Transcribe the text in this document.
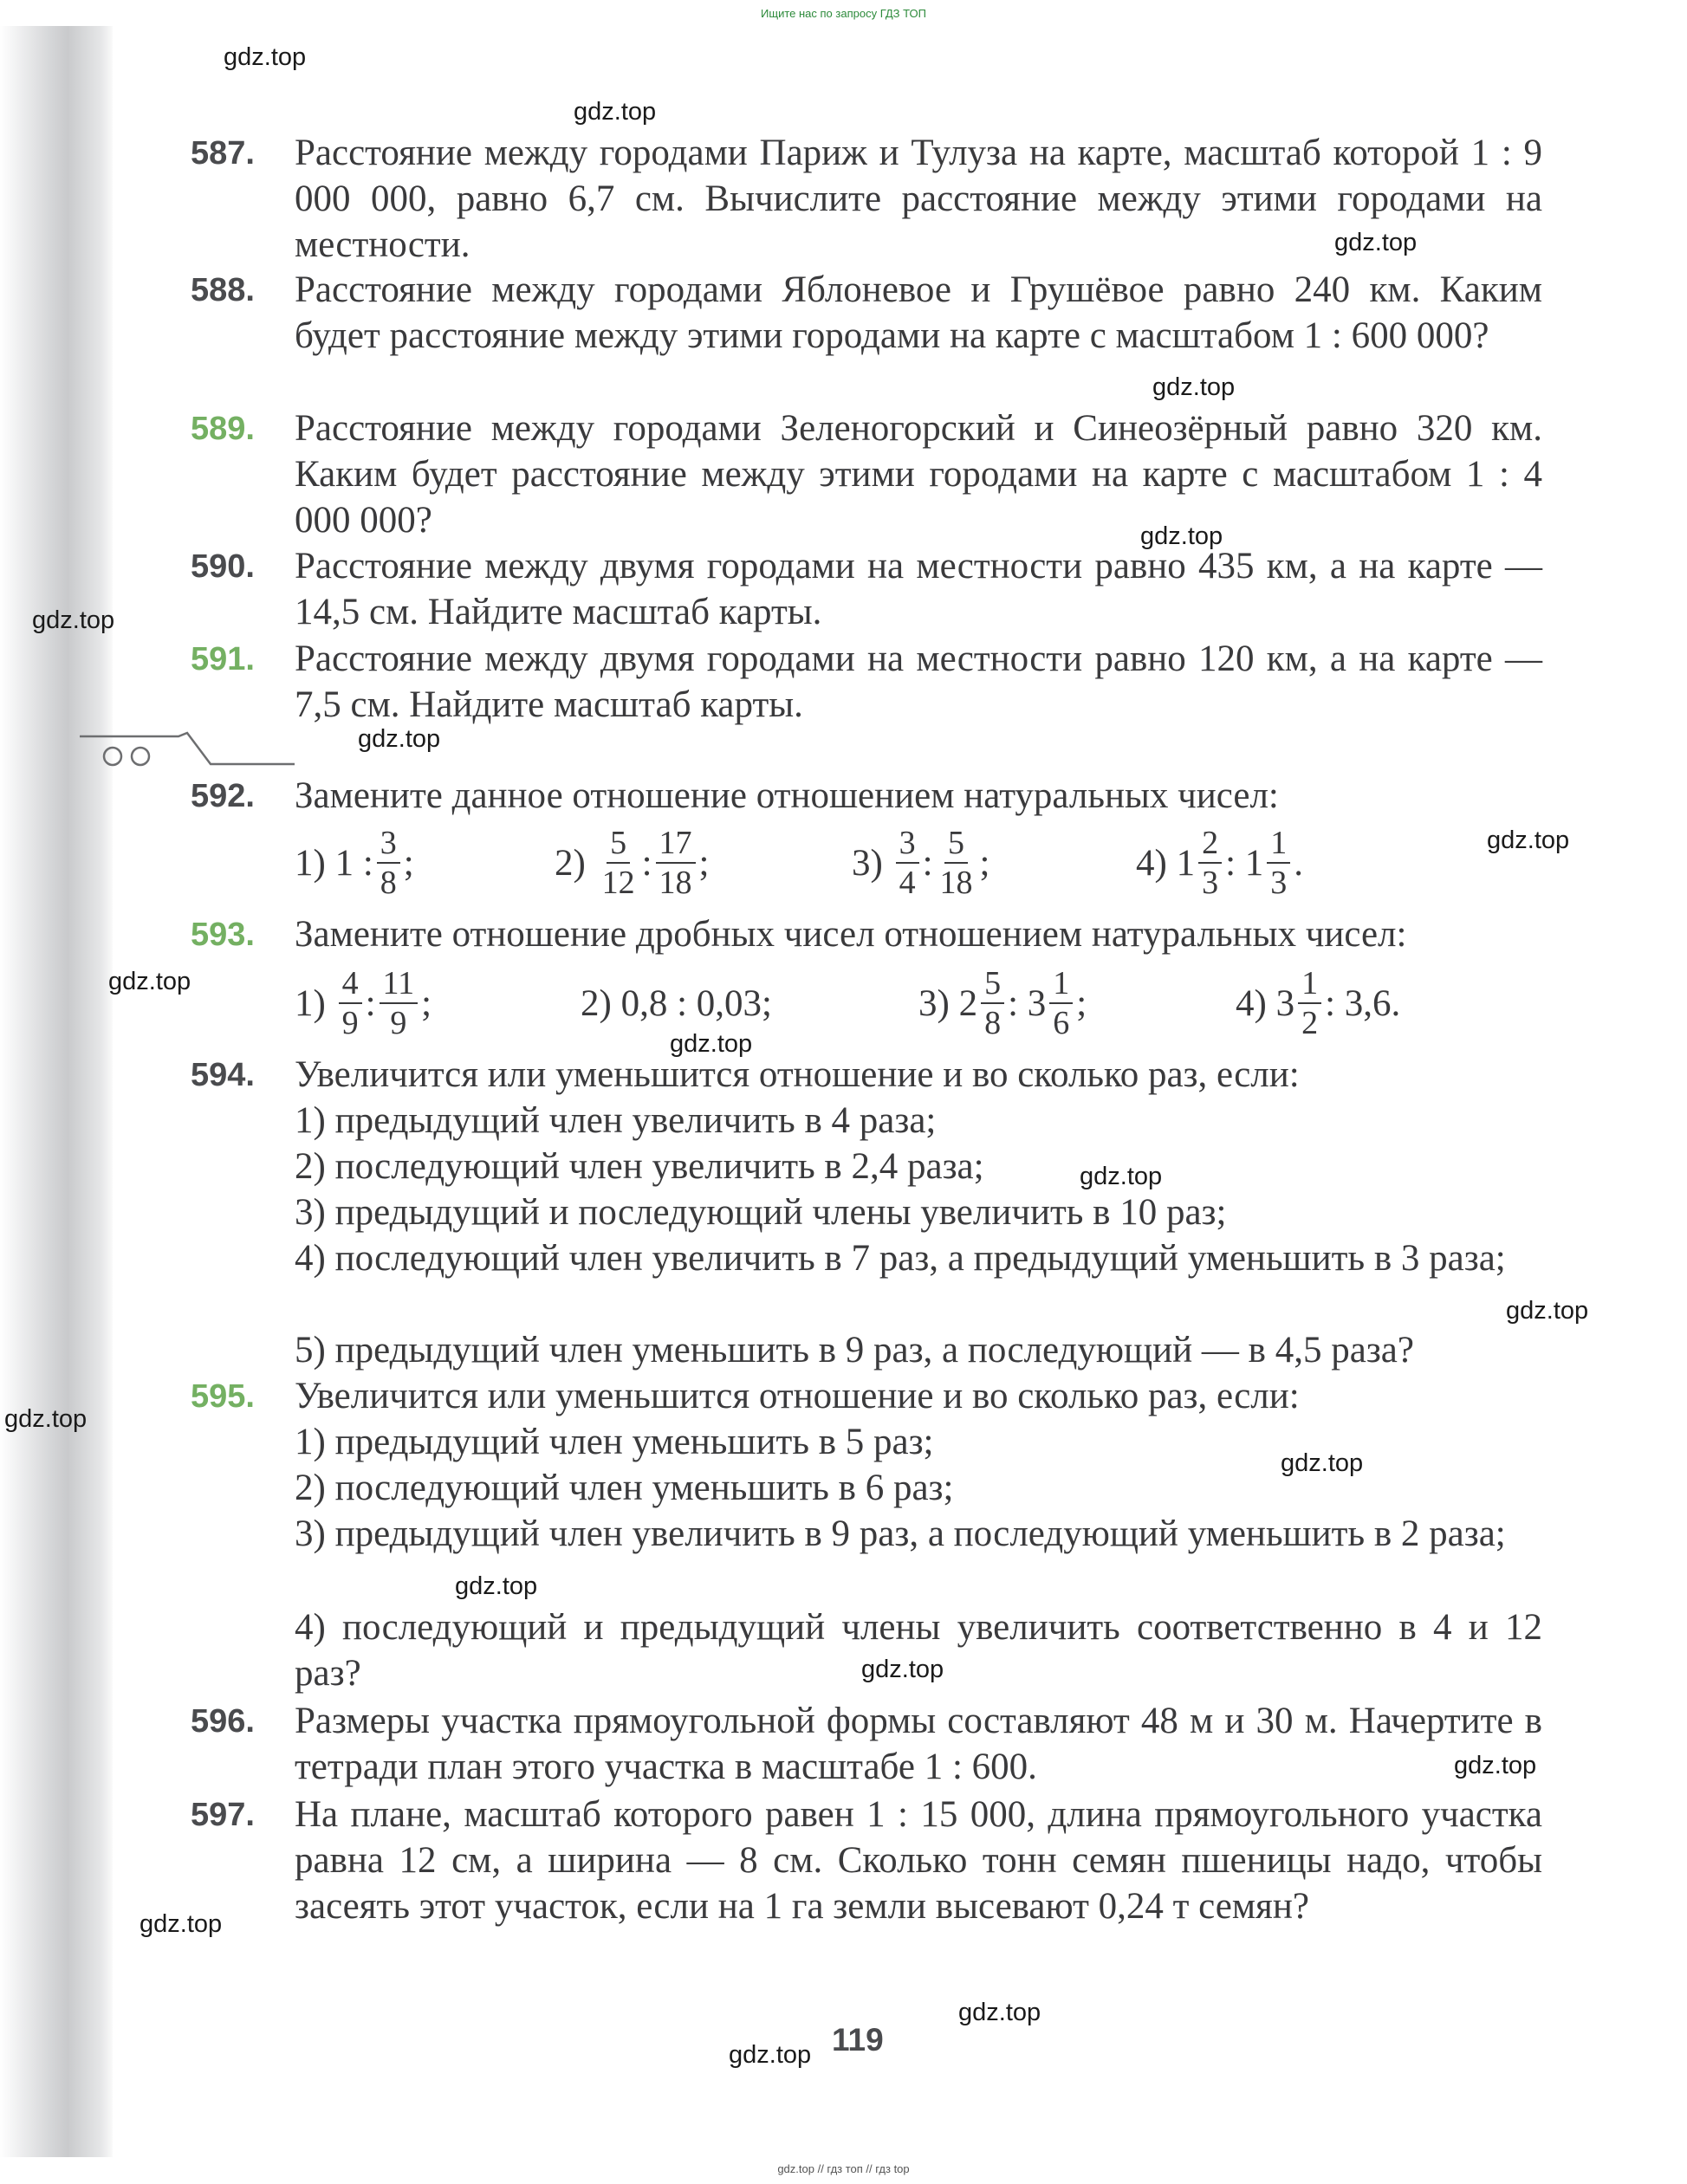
Ищите нас по запросу ГДЗ ТОП
gdz.top
gdz.top
gdz.top
gdz.top
gdz.top
gdz.top
gdz.top
gdz.top
gdz.top
gdz.top
gdz.top
gdz.top
gdz.top
gdz.top
gdz.top
gdz.top
gdz.top
gdz.top
gdz.top
gdz.top
587.	Расстояние между городами Париж и Тулуза на карте, масштаб которой 1 : 9 000 000, равно 6,7 см. Вычислите расстояние между этими городами на местности.
588.	Расстояние между городами Яблоневое и Грушёвое равно 240 км. Каким будет расстояние между этими городами на карте с масштабом 1 : 600 000?
589.	Расстояние между городами Зеленогорский и Синеозёрный равно 320 км. Каким будет расстояние между этими городами на карте с масштабом 1 : 4 000 000?
590.	Расстояние между двумя городами на местности равно 435 км, а на карте — 14,5 см. Найдите масштаб карты.
591.	Расстояние между двумя городами на местности равно 120 км, а на карте — 7,5 см. Найдите масштаб карты.
592.	Замените данное отношение отношением натуральных чисел:
1)
1
: $\frac{3}{8}$ ;	2)
$\frac{5}{12}$ : $\frac{17}{18}$ ;	3)
$\frac{3}{4}$ : $\frac{5}{18}$ ;	4)
$1 \frac{2}{3}$ :
$1 \frac{1}{3}$ .
593.	Замените отношение дробных чисел отношением натуральных чисел:
1)
$\frac{4}{9}$ : $\frac{11}{9}$ ;	2) 0,8 : 0,03;	3)
$2 \frac{5}{8}$ :
$3 \frac{1}{6}$ ;	4)
$3 \frac{1}{2}$ : 3,6.
594.	Увеличится или уменьшится отношение и во сколько раз, если:
1) предыдущий член увеличить в 4 раза;
2) последующий член увеличить в 2,4 раза;
3) предыдущий и последующий члены увеличить в 10 раз;
4) последующий член увеличить в 7 раз, а предыдущий уменьшить в 3 раза;
5) предыдущий член уменьшить в 9 раз, а последующий — в 4,5 раза?
595.	Увеличится или уменьшится отношение и во сколько раз, если:
1) предыдущий член уменьшить в 5 раз;
2) последующий член уменьшить в 6 раз;
3) предыдущий член увеличить в 9 раз, а последующий уменьшить в 2 раза;
4) последующий и предыдущий члены увеличить соответственно в 4 и 12 раз?
596.	Размеры участка прямоугольной формы составляют 48 м и 30 м. Начертите в тетради план этого участка в масштабе 1 : 600.
597.	На плане, масштаб которого равен 1 : 15 000, длина прямоугольного участка равна 12 см, а ширина — 8 см. Сколько тонн семян пшеницы надо, чтобы засеять этот участок, если на 1 га земли высевают 0,24 т семян?
119
gdz.top // гдз топ // гдз top
